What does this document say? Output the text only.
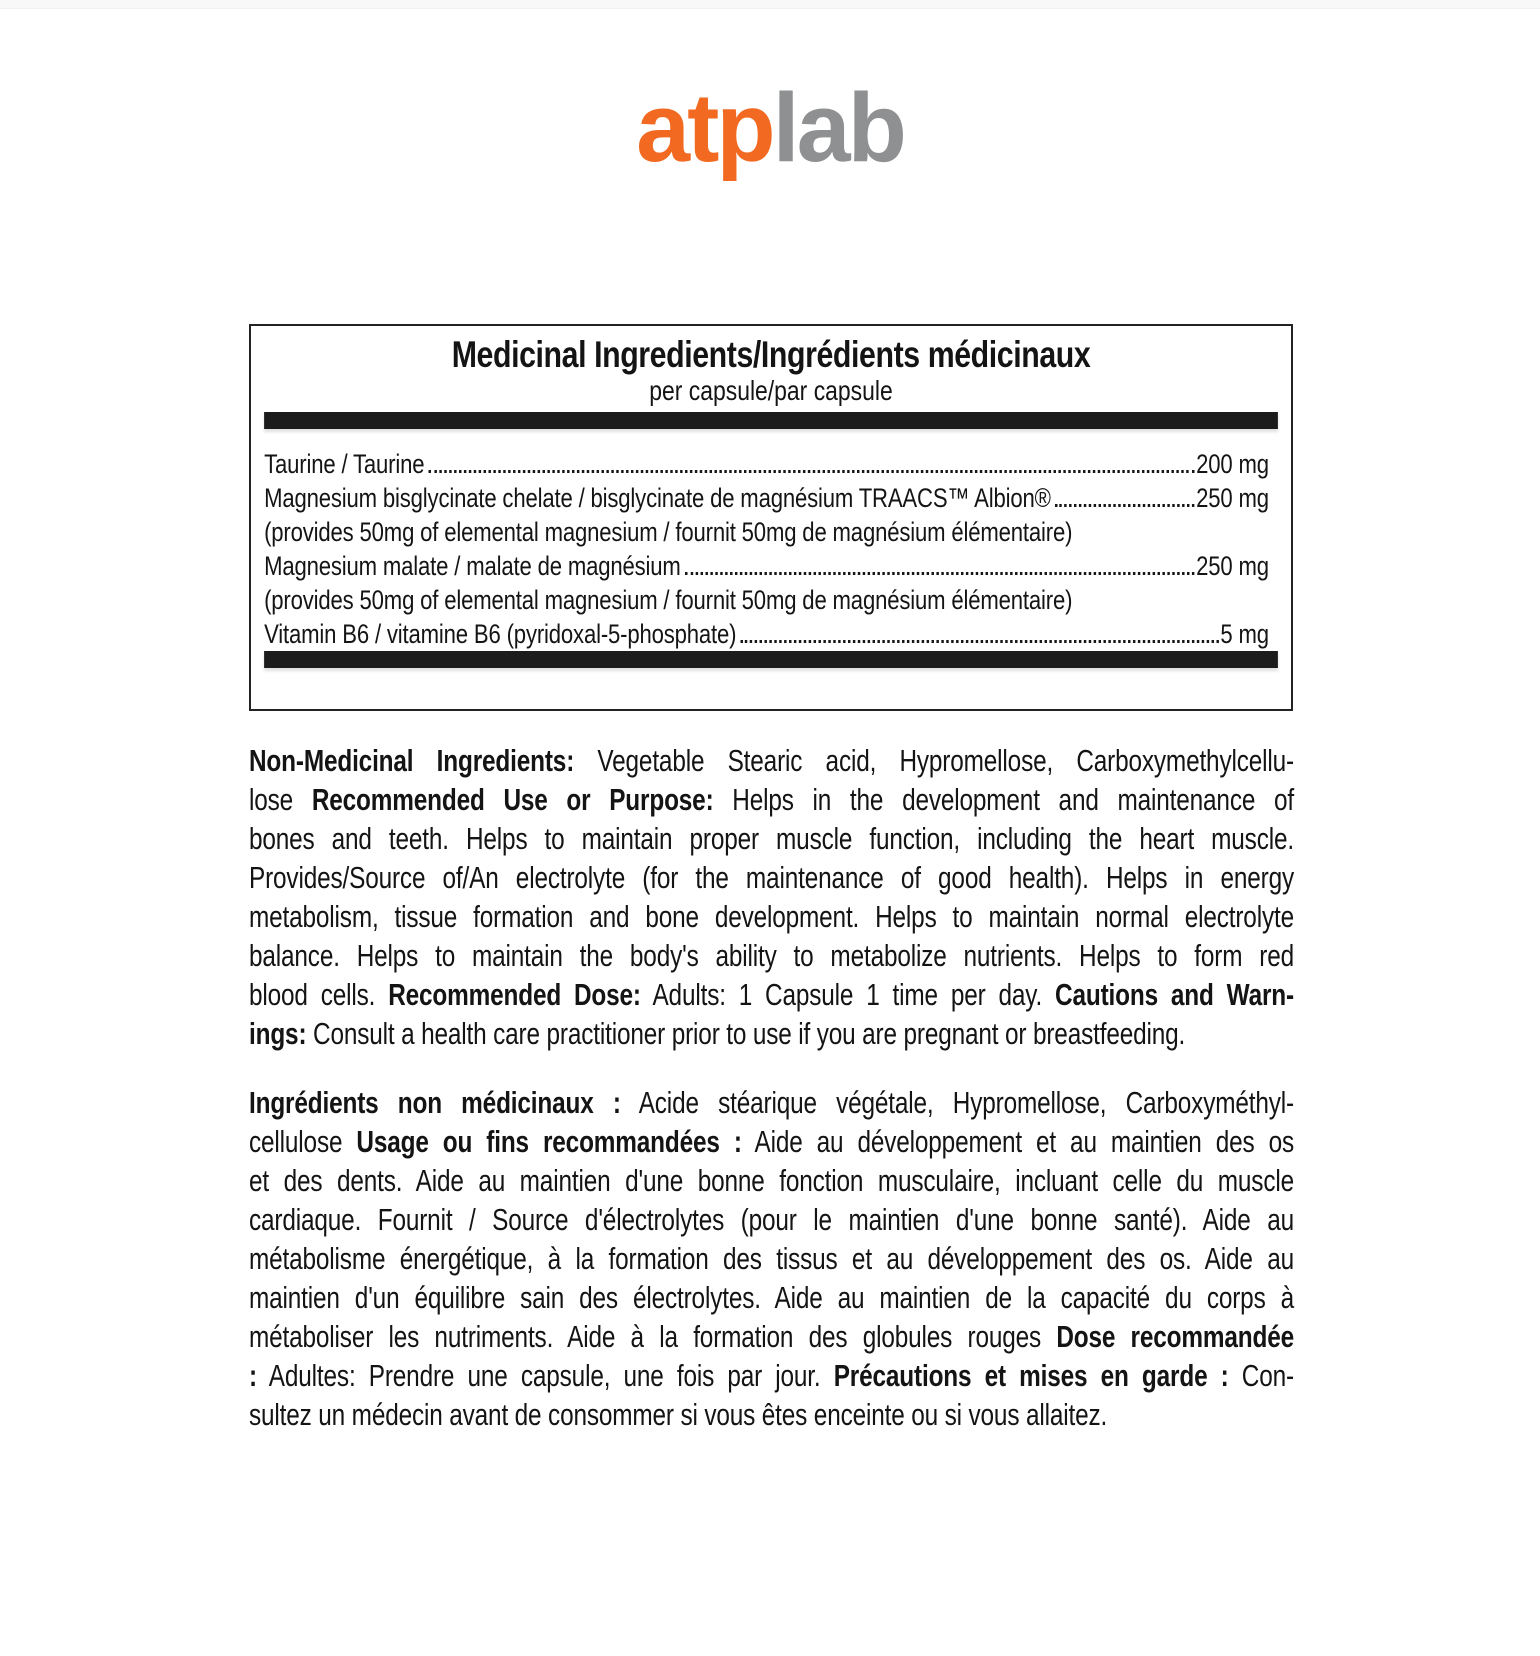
atplab
Medicinal Ingredients/Ingrédients médicinaux
per capsule/par capsule
Taurine / Taurine	200 mg
Magnesium bisglycinate chelate / bisglycinate de magnésium TRAACS™ Albion®	250 mg
(provides 50mg of elemental magnesium / fournit 50mg de magnésium élémentaire)
Magnesium malate / malate de magnésium	250 mg
(provides 50mg of elemental magnesium / fournit 50mg de magnésium élémentaire)
Vitamin B6 / vitamine B6 (pyridoxal-5-phosphate)	5 mg
Non-Medicinal Ingredients: Vegetable Stearic acid, Hypromellose, Carboxymethylcellu-
lose Recommended Use or Purpose: Helps in the development and maintenance of
bones and teeth. Helps to maintain proper muscle function, including the heart muscle.
Provides/Source of/An electrolyte (for the maintenance of good health). Helps in energy
metabolism, tissue formation and bone development. Helps to maintain normal electrolyte
balance. Helps to maintain the body's ability to metabolize nutrients. Helps to form red
blood cells. Recommended Dose: Adults: 1 Capsule 1 time per day. Cautions and Warn-
ings: Consult a health care practitioner prior to use if you are pregnant or breastfeeding.
Ingrédients non médicinaux : Acide stéarique végétale, Hypromellose, Carboxyméthyl-
cellulose Usage ou fins recommandées : Aide au développement et au maintien des os
et des dents. Aide au maintien d'une bonne fonction musculaire, incluant celle du muscle
cardiaque. Fournit / Source d'électrolytes (pour le maintien d'une bonne santé). Aide au
métabolisme énergétique, à la formation des tissus et au développement des os. Aide au
maintien d'un équilibre sain des électrolytes. Aide au maintien de la capacité du corps à
métaboliser les nutriments. Aide à la formation des globules rouges Dose recommandée
: Adultes: Prendre une capsule, une fois par jour. Précautions et mises en garde : Con-
sultez un médecin avant de consommer si vous êtes enceinte ou si vous allaitez.
